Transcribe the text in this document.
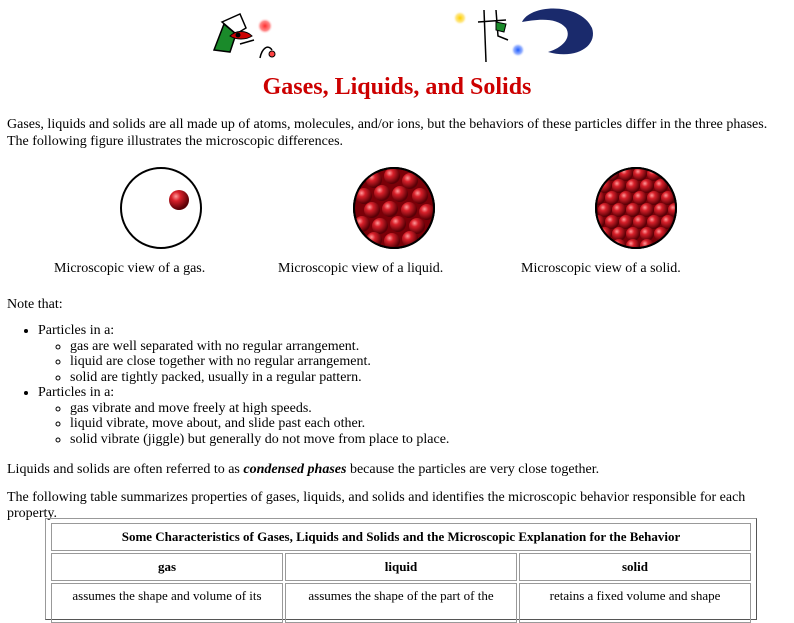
Gases, Liquids, and Solids

Gases, liquids and solids are all made up of atoms, molecules, and/or ions, but the behaviors of these particles differ in the three phases. The following figure illustrates the microscopic differences.

Microscopic view of a gas.	Microscopic view of a liquid.	Microscopic view of a solid.

Note that:

• Particles in a:
◦ gas are well separated with no regular arrangement.
◦ liquid are close together with no regular arrangement.
◦ solid are tightly packed, usually in a regular pattern.
• Particles in a:
◦ gas vibrate and move freely at high speeds.
◦ liquid vibrate, move about, and slide past each other.
◦ solid vibrate (jiggle) but generally do not move from place to place.

Liquids and solids are often referred to as condensed phases because the particles are very close together.

The following table summarizes properties of gases, liquids, and solids and identifies the microscopic behavior responsible for each property.

Some Characteristics of Gases, Liquids and Solids and the Microscopic Explanation for the Behavior
gas	liquid	solid
assumes the shape and volume of its	assumes the shape of the part of the	retains a fixed volume and shape
